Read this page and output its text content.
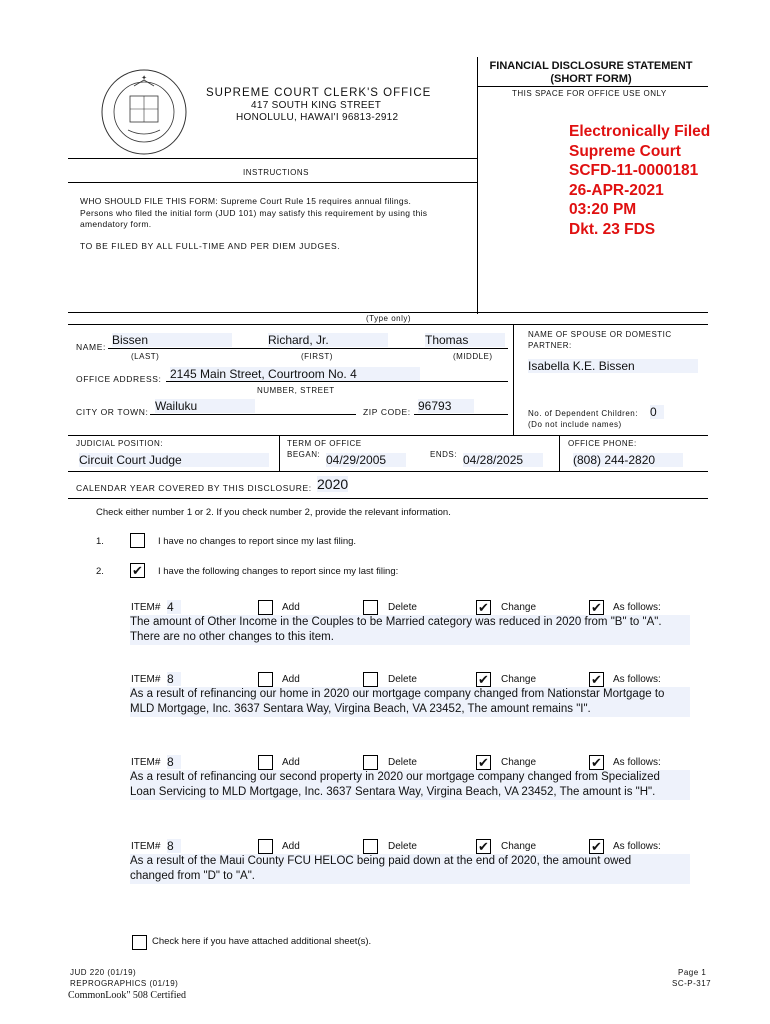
✦
SUPREME COURT CLERK'S OFFICE
417 SOUTH KING STREET
HONOLULU, HAWAI'I 96813-2912
FINANCIAL DISCLOSURE STATEMENT
(SHORT FORM)
THIS SPACE FOR OFFICE USE ONLY
Electronically Filed
Supreme Court
SCFD-11-0000181
26-APR-2021
03:20 PM
Dkt. 23 FDS
INSTRUCTIONS
WHO SHOULD FILE THIS FORM: Supreme Court Rule 15 requires annual filings.
Persons who filed the initial form (JUD 101) may satisfy this requirement by using this
amendatory form.
TO BE FILED BY ALL FULL-TIME AND PER DIEM JUDGES.
(Type only)
NAME: Bissen	Richard, Jr.	Thomas
(LAST)	(FIRST)	(MIDDLE)
NAME OF SPOUSE OR DOMESTIC
PARTNER:
Isabella K.E. Bissen
OFFICE ADDRESS: 2145 Main Street, Courtroom No. 4
NUMBER, STREET
CITY OR TOWN: Wailuku	ZIP CODE: 96793
No. of Dependent Children: 0
(Do not include names)
JUDICIAL POSITION:
Circuit Court Judge
TERM OF OFFICE
BEGAN: 04/29/2005	ENDS: 04/28/2025
OFFICE PHONE:
(808) 244-2820
CALENDAR YEAR COVERED BY THIS DISCLOSURE: 2020
Check either number 1 or 2. If you check number 2, provide the relevant information.
1.	I have no changes to report since my last filing.
2. ✔ I have the following changes to report since my last filing:
ITEM# 4	Add	Delete	✔ Change	✔ As follows:
The amount of Other Income in the Couples to be Married category was reduced in 2020 from "B" to "A".
There are no other changes to this item.
ITEM# 8	Add	Delete	✔ Change	✔ As follows:
As a result of refinancing our home in 2020 our mortgage company changed from Nationstar Mortgage to
MLD Mortgage, Inc. 3637 Sentara Way, Virgina Beach, VA 23452, The amount remains "I".
ITEM# 8	Add	Delete	✔ Change	✔ As follows:
As a result of refinancing our second property in 2020 our mortgage company changed from Specialized
Loan Servicing to MLD Mortgage, Inc. 3637 Sentara Way, Virgina Beach, VA 23452, The amount is "H".
ITEM# 8	Add	Delete	✔ Change	✔ As follows:
As a result of the Maui County FCU HELOC being paid down at the end of 2020, the amount owed
changed from "D" to "A".
Check here if you have attached additional sheet(s).
JUD 220 (01/19)
REPROGRAPHICS (01/19)
CommonLook" 508 Certified
Page 1
SC-P-317
